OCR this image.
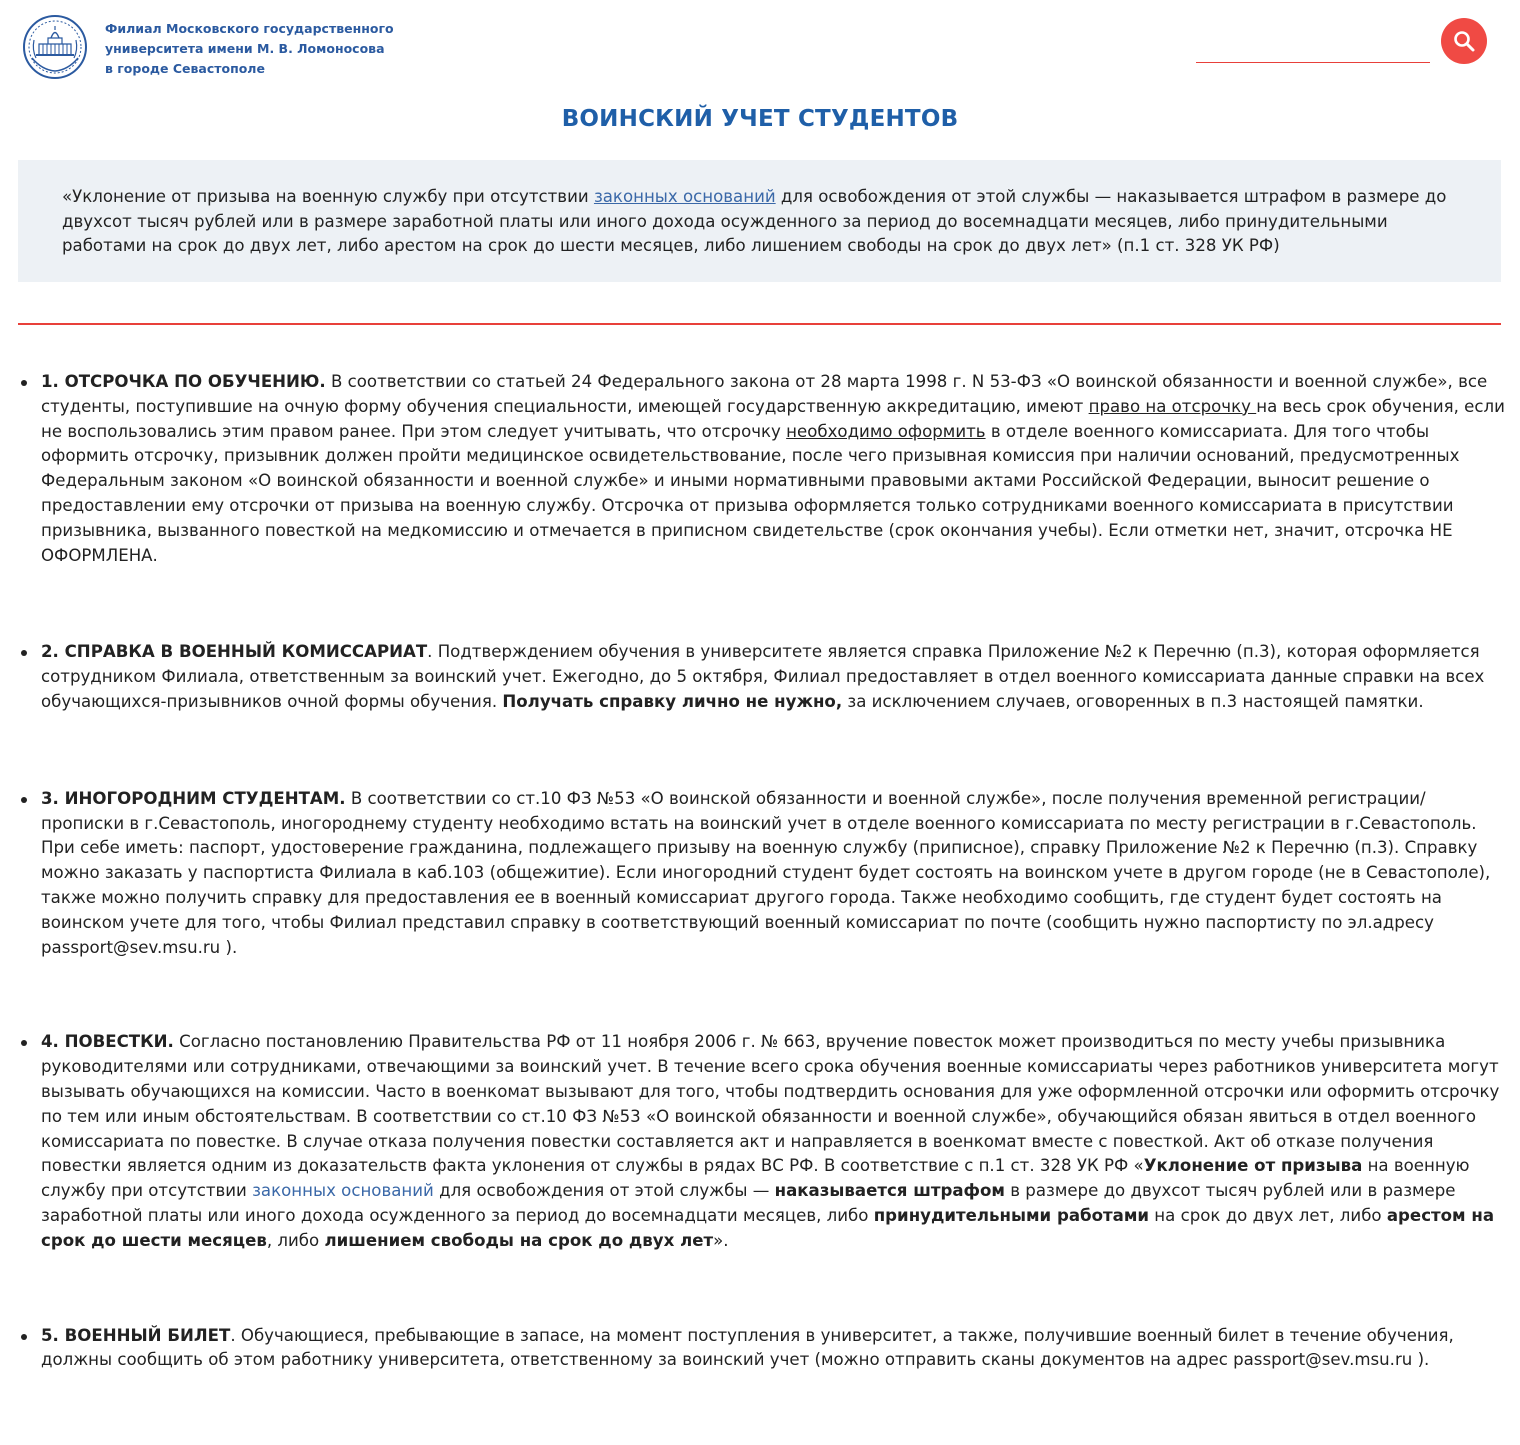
Филиал Московского государственного университета имени М. В. Ломоносова в городе Севастополе
ВОИНСКИЙ УЧЕТ СТУДЕНТОВ
«Уклонение от призыва на военную службу при отсутствии законных оснований для освобождения от этой службы — наказывается штрафом в размере до двухсот тысяч рублей или в размере заработной платы или иного дохода осужденного за период до восемнадцати месяцев, либо принудительными работами на срок до двух лет, либо арестом на срок до шести месяцев, либо лишением свободы на срок до двух лет» (п.1 ст. 328 УК РФ)
1. ОТСРОЧКА ПО ОБУЧЕНИЮ. В соответствии со статьей 24 Федерального закона от 28 марта 1998 г. N 53-ФЗ «О воинской обязанности и военной службе», все студенты, поступившие на очную форму обучения специальности, имеющей государственную аккредитацию, имеют право на отсрочку на весь срок обучения, если не воспользовались этим правом ранее. При этом следует учитывать, что отсрочку необходимо оформить в отделе военного комиссариата. Для того чтобы оформить отсрочку, призывник должен пройти медицинское освидетельствование, после чего призывная комиссия при наличии оснований, предусмотренных Федеральным законом «О воинской обязанности и военной службе» и иными нормативными правовыми актами Российской Федерации, выносит решение о предоставлении ему отсрочки от призыва на военную службу. Отсрочка от призыва оформляется только сотрудниками военного комиссариата в присутствии призывника, вызванного повесткой на медкомиссию и отмечается в приписном свидетельстве (срок окончания учебы). Если отметки нет, значит, отсрочка НЕ ОФОРМЛЕНА.
2. СПРАВКА В ВОЕННЫЙ КОМИССАРИАТ. Подтверждением обучения в университете является справка Приложение №2 к Перечню (п.3), которая оформляется сотрудником Филиала, ответственным за воинский учет. Ежегодно, до 5 октября, Филиал предоставляет в отдел военного комиссариата данные справки на всех обучающихся-призывников очной формы обучения. Получать справку лично не нужно, за исключением случаев, оговоренных в п.3 настоящей памятки.
3. ИНОГОРОДНИМ СТУДЕНТАМ. В соответствии со ст.10 ФЗ №53 «О воинской обязанности и военной службе», после получения временной регистрации/прописки в г.Севастополь, иногороднему студенту необходимо встать на воинский учет в отделе военного комиссариата по месту регистрации в г.Севастополь. При себе иметь: паспорт, удостоверение гражданина, подлежащего призыву на военную службу (приписное), справку Приложение №2 к Перечню (п.3). Справку можно заказать у паспортиста Филиала в каб.103 (общежитие). Если иногородний студент будет состоять на воинском учете в другом городе (не в Севастополе), также можно получить справку для предоставления ее в военный комиссариат другого города. Также необходимо сообщить, где студент будет состоять на воинском учете для того, чтобы Филиал представил справку в соответствующий военный комиссариат по почте (сообщить нужно паспортисту по эл.адресу passport@sev.msu.ru ).
4. ПОВЕСТКИ. Согласно постановлению Правительства РФ от 11 ноября 2006 г. № 663, вручение повесток может производиться по месту учебы призывника руководителями или сотрудниками, отвечающими за воинский учет. В течение всего срока обучения военные комиссариаты через работников университета могут вызывать обучающихся на комиссии. Часто в военкомат вызывают для того, чтобы подтвердить основания для уже оформленной отсрочки или оформить отсрочку по тем или иным обстоятельствам. В соответствии со ст.10 ФЗ №53 «О воинской обязанности и военной службе», обучающийся обязан явиться в отдел военного комиссариата по повестке. В случае отказа получения повестки составляется акт и направляется в военкомат вместе с повесткой. Акт об отказе получения повестки является одним из доказательств факта уклонения от службы в рядах ВС РФ. В соответствие с п.1 ст. 328 УК РФ «Уклонение от призыва на военную службу при отсутствии законных оснований для освобождения от этой службы — наказывается штрафом в размере до двухсот тысяч рублей или в размере заработной платы или иного дохода осужденного за период до восемнадцати месяцев, либо принудительными работами на срок до двух лет, либо арестом на срок до шести месяцев, либо лишением свободы на срок до двух лет».
5. ВОЕННЫЙ БИЛЕТ. Обучающиеся, пребывающие в запасе, на момент поступления в университет, а также, получившие военный билет в течение обучения, должны сообщить об этом работнику университета, ответственному за воинский учет (можно отправить сканы документов на адрес passport@sev.msu.ru ).
